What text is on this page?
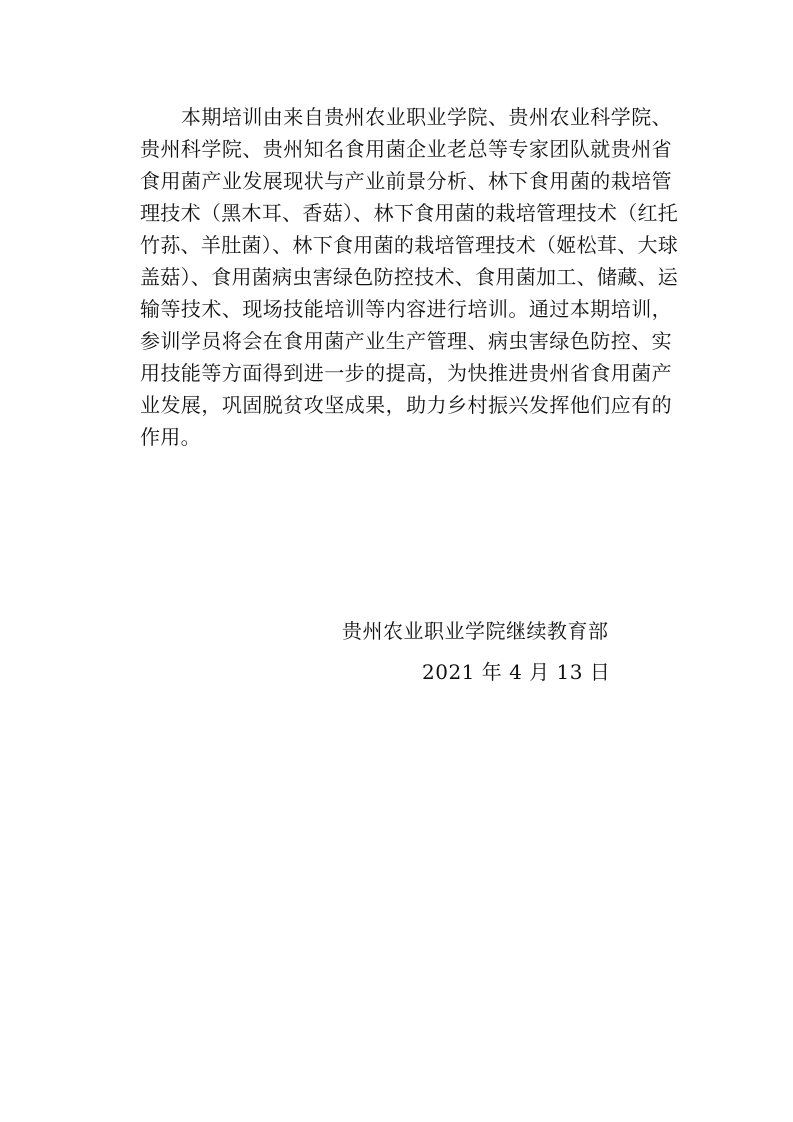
　　本期培训由来自贵州农业职业学院、贵州农业科学院、
贵州科学院、贵州知名食用菌企业老总等专家团队就贵州省
食用菌产业发展现状与产业前景分析、林下食用菌的栽培管
理技术（黑木耳、香菇）、林下食用菌的栽培管理技术（红托
竹荪、羊肚菌）、林下食用菌的栽培管理技术（姬松茸、大球
盖菇）、食用菌病虫害绿色防控技术、食用菌加工、储藏、运
输等技术、现场技能培训等内容进行培训。通过本期培训，
参训学员将会在食用菌产业生产管理、病虫害绿色防控、实
用技能等方面得到进一步的提高，为快推进贵州省食用菌产
业发展，巩固脱贫攻坚成果，助力乡村振兴发挥他们应有的
作用。
贵州农业职业学院继续教育部
2021 年 4 月 13 日
